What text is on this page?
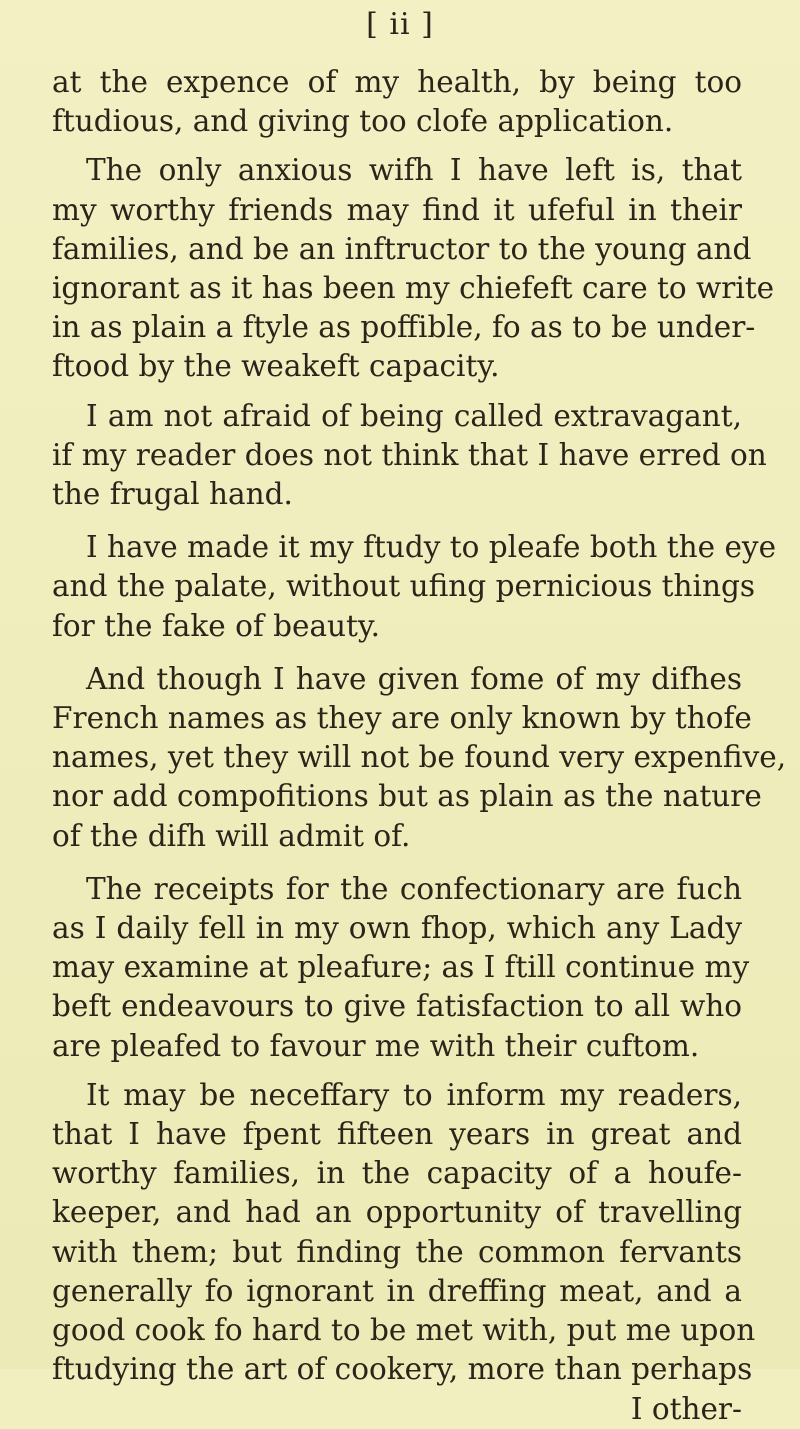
[ ii ]

at the expence of my health, by being too
ftudious, and giving too clofe application.

The only anxious wifh I have left is, that
my worthy friends may find it ufeful in their
families, and be an inftructor to the young and
ignorant as it has been my chiefeft care to write
in as plain a ftyle as poffible, fo as to be under-
ftood by the weakeft capacity.

I am not afraid of being called extravagant,
if my reader does not think that I have erred on
the frugal hand.

I have made it my ftudy to pleafe both the eye
and the palate, without ufing pernicious things
for the fake of beauty.

And though I have given fome of my difhes
French names as they are only known by thofe
names, yet they will not be found very expenfive,
nor add compofitions but as plain as the nature
of the difh will admit of.

The receipts for the confectionary are fuch
as I daily fell in my own fhop, which any Lady
may examine at pleafure; as I ftill continue my
beft endeavours to give fatisfaction to all who
are pleafed to favour me with their cuftom.

It may be neceffary to inform my readers,
that I have fpent fifteen years in great and
worthy families, in the capacity of a houfe-
keeper, and had an opportunity of travelling
with them; but finding the common fervants
generally fo ignorant in dreffing meat, and a
good cook fo hard to be met with, put me upon
ftudying the art of cookery, more than perhaps
I other-
